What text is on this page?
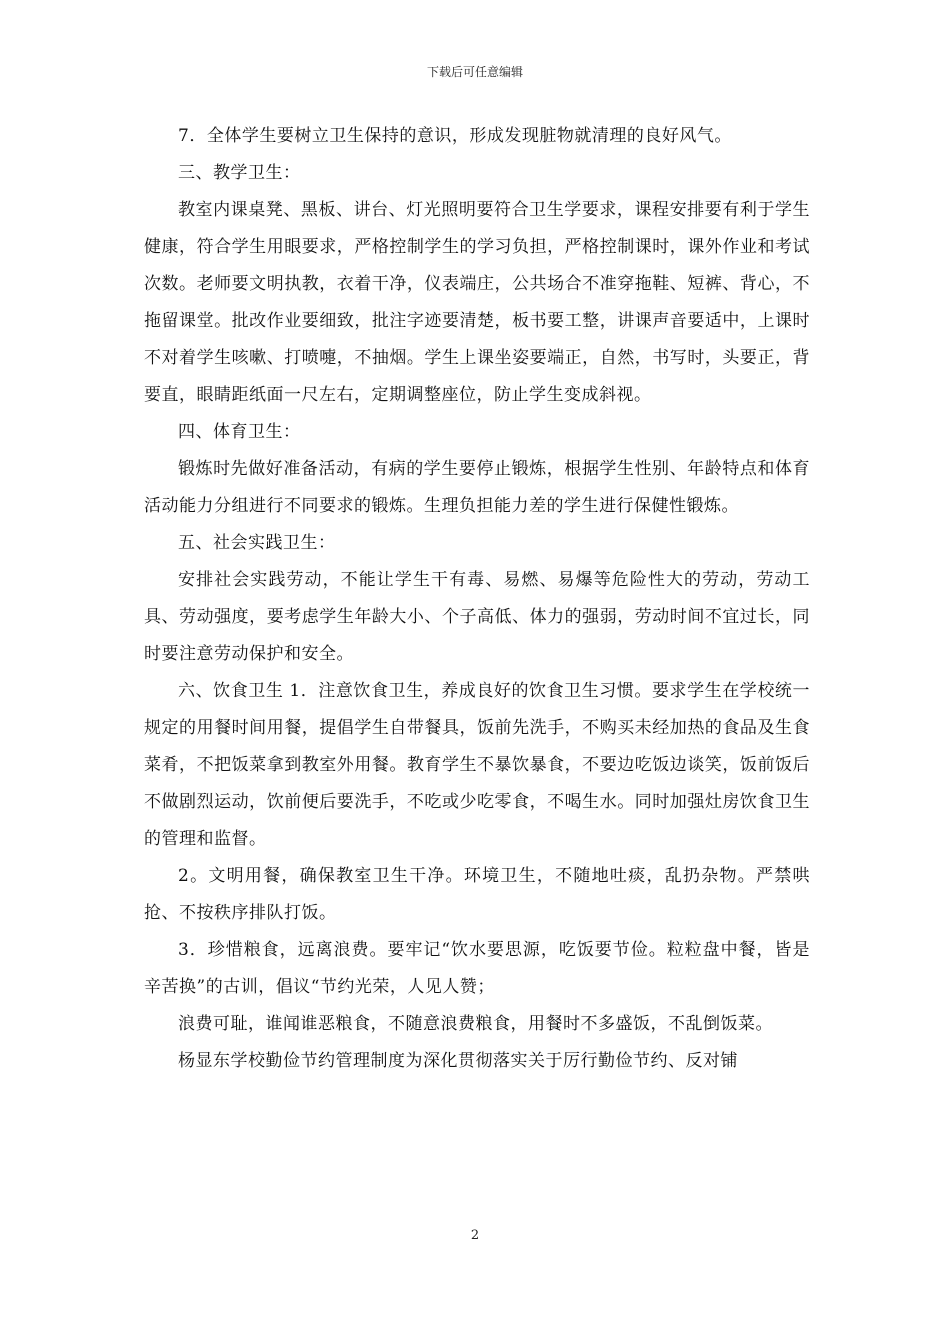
下载后可任意编辑

7．全体学生要树立卫生保持的意识，形成发现脏物就清理的良好风气。

三、教学卫生：

教室内课桌凳、黑板、讲台、灯光照明要符合卫生学要求，课程安排要有利于学生健康，符合学生用眼要求，严格控制学生的学习负担，严格控制课时，课外作业和考试次数。老师要文明执教，衣着干净，仪表端庄，公共场合不准穿拖鞋、短裤、背心，不拖留课堂。批改作业要细致，批注字迹要清楚，板书要工整，讲课声音要适中，上课时不对着学生咳嗽、打喷嚏，不抽烟。学生上课坐姿要端正，自然，书写时，头要正，背要直，眼睛距纸面一尺左右，定期调整座位，防止学生变成斜视。

四、体育卫生：

锻炼时先做好准备活动，有病的学生要停止锻炼，根据学生性别、年龄特点和体育活动能力分组进行不同要求的锻炼。生理负担能力差的学生进行保健性锻炼。

五、社会实践卫生：

安排社会实践劳动，不能让学生干有毒、易燃、易爆等危险性大的劳动，劳动工具、劳动强度，要考虑学生年龄大小、个子高低、体力的强弱，劳动时间不宜过长，同时要注意劳动保护和安全。

六、饮食卫生 1．注意饮食卫生，养成良好的饮食卫生习惯。要求学生在学校统一规定的用餐时间用餐，提倡学生自带餐具，饭前先洗手，不购买未经加热的食品及生食菜肴，不把饭菜拿到教室外用餐。教育学生不暴饮暴食，不要边吃饭边谈笑，饭前饭后不做剧烈运动，饮前便后要洗手，不吃或少吃零食，不喝生水。同时加强灶房饮食卫生的管理和监督。

2。文明用餐，确保教室卫生干净。环境卫生，不随地吐痰，乱扔杂物。严禁哄抢、不按秩序排队打饭。

3．珍惜粮食，远离浪费。要牢记“饮水要思源，吃饭要节俭。粒粒盘中餐，皆是辛苦换”的古训，倡议“节约光荣，人见人赞；

浪费可耻，谁闻谁恶粮食，不随意浪费粮食，用餐时不多盛饭，不乱倒饭菜。

杨显东学校勤俭节约管理制度为深化贯彻落实关于厉行勤俭节约、反对铺

2
